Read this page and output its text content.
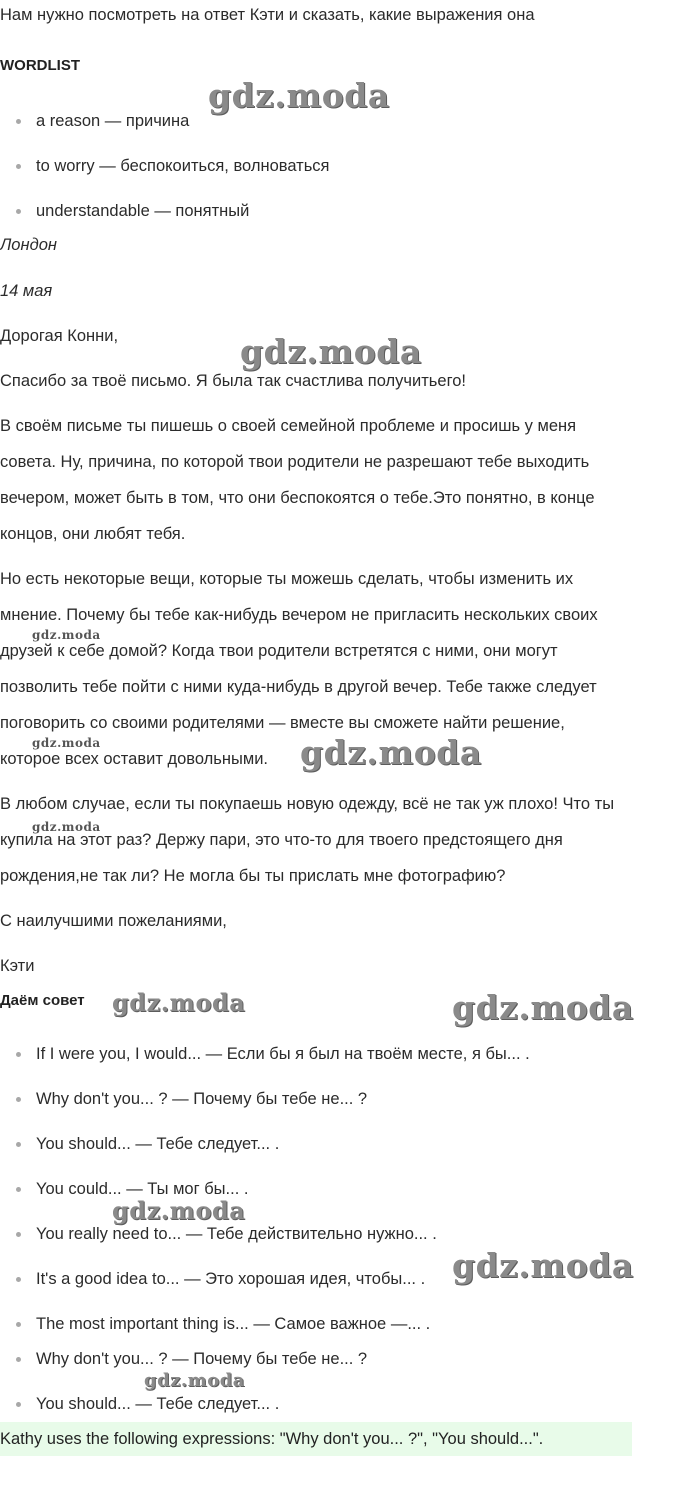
Нам нужно посмотреть на ответ Кэти и сказать, какие выражения она
WORDLIST
a reason — причина
to worry — беспокоиться, волноваться
understandable — понятный
Лондон
14 мая
Дорогая Конни,
Спасибо за твоё письмо. Я была так счастлива получитьего!

В своём письме ты пишешь о своей семейной проблеме и просишь у меня

совета. Ну, причина, по которой твои родители не разрешают тебе выходить

вечером, может быть в том, что они беспокоятся о тебе.Это понятно, в конце

концов, они любят тебя.

Но есть некоторые вещи, которые ты можешь сделать, чтобы изменить их

мнение. Почему бы тебе как-нибудь вечером не пригласить нескольких своих

друзей к себе домой? Когда твои родители встретятся с ними, они могут

позволить тебе пойти с ними куда-нибудь в другой вечер. Тебе также следует

поговорить со своими родителями — вместе вы сможете найти решение,

которое всех оставит довольными.

В любом случае, если ты покупаешь новую одежду, всё не так уж плохо! Что ты

купила на этот раз? Держу пари, это что-то для твоего предстоящего дня

рождения,не так ли? Не могла бы ты прислать мне фотографию?

С наилучшими пожеланиями,
Кэти
Даём совет
If I were you, I would... — Если бы я был на твоём месте, я бы... .
Why don't you... ? — Почему бы тебе не... ?
You should... — Тебе следует... .
You could... — Ты мог бы... .
You really need to... — Тебе действительно нужно... .
It's a good idea to... — Это хорошая идея, чтобы... .
The most important thing is... — Самое важное —... .
Why don't you... ? — Почему бы тебе не... ?
You should... — Тебе следует... .
Kathy uses the following expressions: "Why don't you... ?", "You should...".
gdz.moda
gdz.moda
gdz.moda
gdz.moda	gdz.moda
gdz.moda
gdz.moda	gdz.moda
gdz.moda
gdz.moda
gdz.moda
